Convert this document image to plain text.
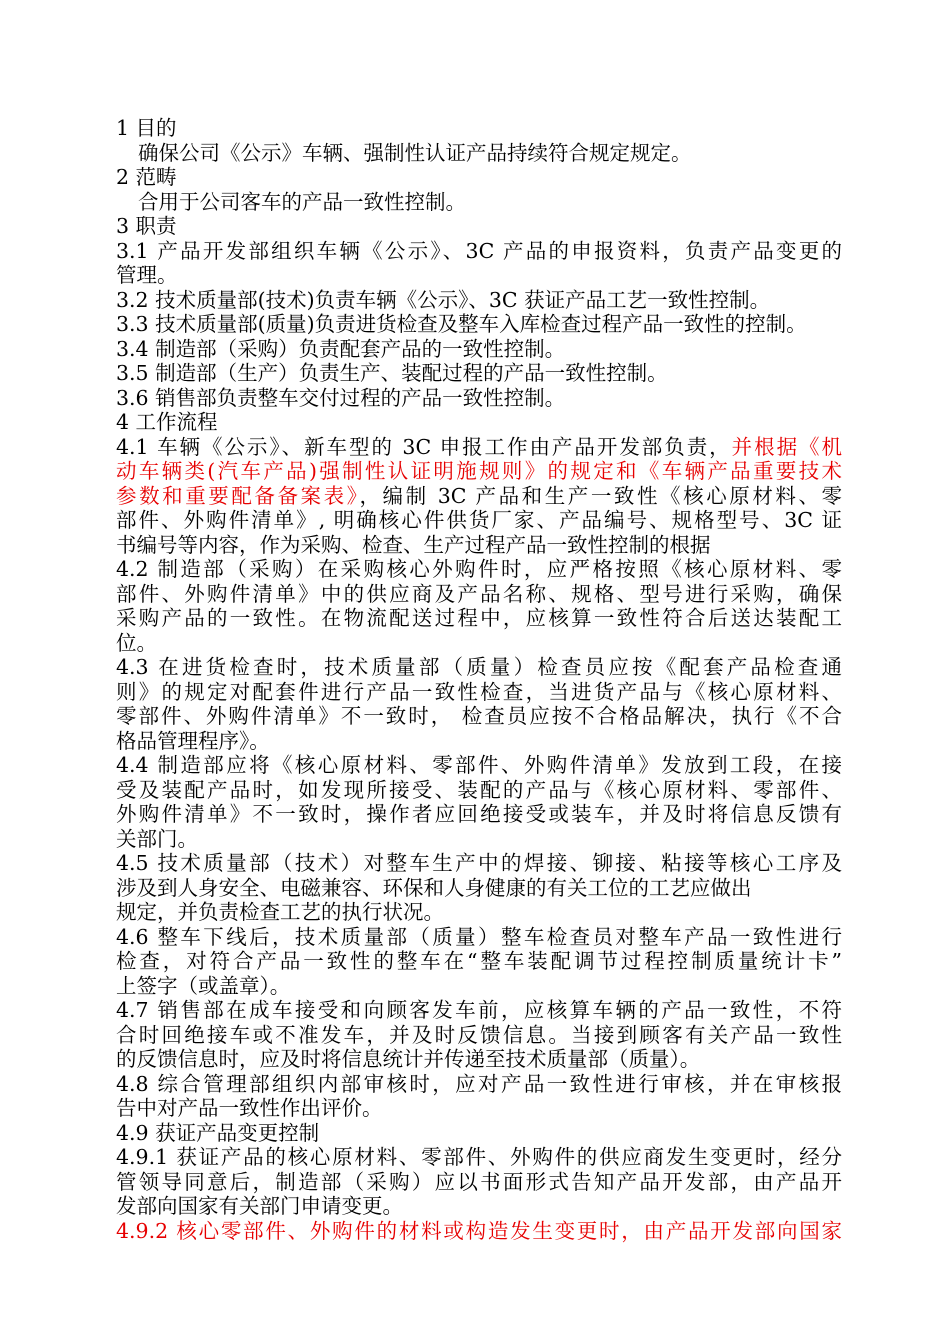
1 目的
确保公司《公示》车辆、强制性认证产品持续符合规定规定。
2 范畴
合用于公司客车的产品一致性控制。
3 职责
3.1 产品开发部组织车辆《公示》、3C 产品的申报资料，负责产品变更的
管理。
3.2 技术质量部(技术)负责车辆《公示》、3C 获证产品工艺一致性控制。
3.3 技术质量部(质量)负责进货检查及整车入库检查过程产品一致性的控制。
3.4 制造部（采购）负责配套产品的一致性控制。
3.5 制造部（生产）负责生产、装配过程的产品一致性控制。
3.6 销售部负责整车交付过程的产品一致性控制。
4 工作流程
4.1 车辆《公示》、新车型的 3C 申报工作由产品开发部负责，并根据《机
动车辆类(汽车产品)强制性认证明施规则》的规定和《车辆产品重要技术
参数和重要配备备案表》，编制 3C 产品和生产一致性《核心原材料、零
部件、外购件清单》, 明确核心件供货厂家、产品编号、规格型号、3C 证
书编号等内容，作为采购、检查、生产过程产品一致性控制的根据
4.2 制造部（采购）在采购核心外购件时，应严格按照《核心原材料、零
部件、外购件清单》中的供应商及产品名称、规格、型号进行采购，确保
采购产品的一致性。在物流配送过程中，应核算一致性符合后送达装配工
位。
4.3 在进货检查时，技术质量部（质量）检查员应按《配套产品检查通
则》的规定对配套件进行产品一致性检查，当进货产品与《核心原材料、
零部件、外购件清单》不一致时， 检查员应按不合格品解决，执行《不合
格品管理程序》。
4.4 制造部应将《核心原材料、零部件、外购件清单》发放到工段，在接
受及装配产品时，如发现所接受、装配的产品与《核心原材料、零部件、
外购件清单》不一致时，操作者应回绝接受或装车，并及时将信息反馈有
关部门。
4.5 技术质量部（技术）对整车生产中的焊接、铆接、粘接等核心工序及
涉及到人身安全、电磁兼容、环保和人身健康的有关工位的工艺应做出
规定，并负责检查工艺的执行状况。
4.6 整车下线后，技术质量部（质量）整车检查员对整车产品一致性进行
检查，对符合产品一致性的整车在“整车装配调节过程控制质量统计卡”
上签字（或盖章）。
4.7 销售部在成车接受和向顾客发车前，应核算车辆的产品一致性，不符
合时回绝接车或不准发车，并及时反馈信息。当接到顾客有关产品一致性
的反馈信息时，应及时将信息统计并传递至技术质量部（质量）。
4.8 综合管理部组织内部审核时，应对产品一致性进行审核，并在审核报
告中对产品一致性作出评价。
4.9 获证产品变更控制
4.9.1 获证产品的核心原材料、零部件、外购件的供应商发生变更时，经分
管领导同意后，制造部（采购）应以书面形式告知产品开发部，由产品开
发部向国家有关部门申请变更。
4.9.2 核心零部件、外购件的材料或构造发生变更时，由产品开发部向国家
